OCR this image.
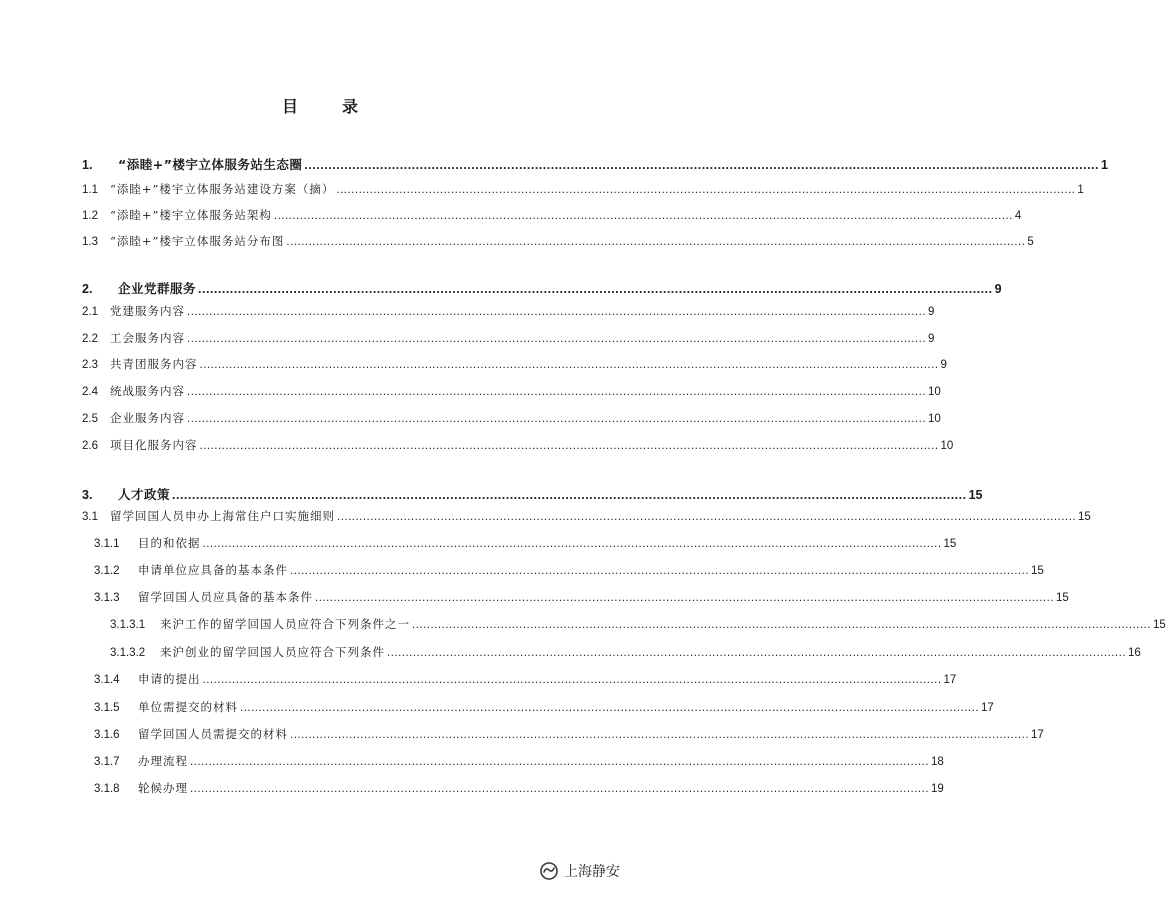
目　录
1.	“添睦+”楼宇立体服务站生态圈 ........................................................................................................................................................................................................ 1
1.1	“添睦+”楼宇立体服务站建设方案（摘） ........................................................................................................................................................................................................ 1
1.2	“添睦+”楼宇立体服务站架构 ........................................................................................................................................................................................................ 4
1.3	“添睦+”楼宇立体服务站分布图 ........................................................................................................................................................................................................ 5
2.	企业党群服务 ........................................................................................................................................................................................................ 9
2.1	党建服务内容 ........................................................................................................................................................................................................ 9
2.2	工会服务内容 ........................................................................................................................................................................................................ 9
2.3	共青团服务内容 ........................................................................................................................................................................................................ 9
2.4	统战服务内容 ........................................................................................................................................................................................................ 10
2.5	企业服务内容 ........................................................................................................................................................................................................ 10
2.6	项目化服务内容 ........................................................................................................................................................................................................ 10
3.	人才政策 ........................................................................................................................................................................................................ 15
3.1	留学回国人员申办上海常住户口实施细则 ........................................................................................................................................................................................................ 15
3.1.1	目的和依据 ........................................................................................................................................................................................................ 15
3.1.2	申请单位应具备的基本条件 ........................................................................................................................................................................................................ 15
3.1.3	留学回国人员应具备的基本条件 ........................................................................................................................................................................................................ 15
3.1.3.1	来沪工作的留学回国人员应符合下列条件之一 ........................................................................................................................................................................................................ 15
3.1.3.2	来沪创业的留学回国人员应符合下列条件 ........................................................................................................................................................................................................ 16
3.1.4	申请的提出 ........................................................................................................................................................................................................ 17
3.1.5	单位需提交的材料 ........................................................................................................................................................................................................ 17
3.1.6	留学回国人员需提交的材料 ........................................................................................................................................................................................................ 17
3.1.7	办理流程 ........................................................................................................................................................................................................ 18
3.1.8	轮候办理 ........................................................................................................................................................................................................ 19
上海静安
